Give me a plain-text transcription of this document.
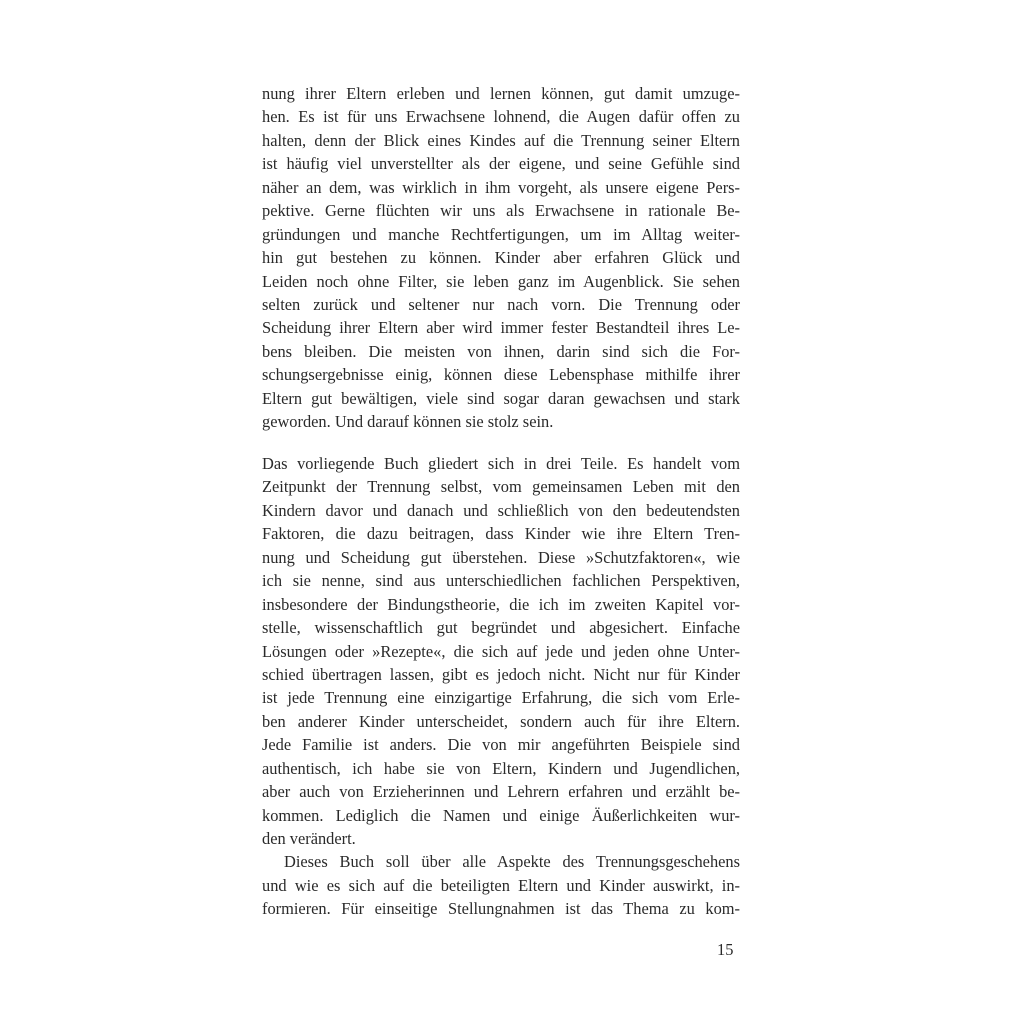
nung ihrer Eltern erleben und lernen können, gut damit umzuge-
hen. Es ist für uns Erwachsene lohnend, die Augen dafür offen zu
halten, denn der Blick eines Kindes auf die Trennung seiner Eltern
ist häufig viel unverstellter als der eigene, und seine Gefühle sind
näher an dem, was wirklich in ihm vorgeht, als unsere eigene Pers-
pektive. Gerne flüchten wir uns als Erwachsene in rationale Be-
gründungen und manche Rechtfertigungen, um im Alltag weiter-
hin gut bestehen zu können. Kinder aber erfahren Glück und
Leiden noch ohne Filter, sie leben ganz im Augenblick. Sie sehen
selten zurück und seltener nur nach vorn. Die Trennung oder
Scheidung ihrer Eltern aber wird immer fester Bestandteil ihres Le-
bens bleiben. Die meisten von ihnen, darin sind sich die For-
schungsergebnisse einig, können diese Lebensphase mithilfe ihrer
Eltern gut bewältigen, viele sind sogar daran gewachsen und stark
geworden. Und darauf können sie stolz sein.
Das vorliegende Buch gliedert sich in drei Teile. Es handelt vom
Zeitpunkt der Trennung selbst, vom gemeinsamen Leben mit den
Kindern davor und danach und schließlich von den bedeutendsten
Faktoren, die dazu beitragen, dass Kinder wie ihre Eltern Tren-
nung und Scheidung gut überstehen. Diese »Schutzfaktoren«, wie
ich sie nenne, sind aus unterschiedlichen fachlichen Perspektiven,
insbesondere der Bindungstheorie, die ich im zweiten Kapitel vor-
stelle, wissenschaftlich gut begründet und abgesichert. Einfache
Lösungen oder »Rezepte«, die sich auf jede und jeden ohne Unter-
schied übertragen lassen, gibt es jedoch nicht. Nicht nur für Kinder
ist jede Trennung eine einzigartige Erfahrung, die sich vom Erle-
ben anderer Kinder unterscheidet, sondern auch für ihre Eltern.
Jede Familie ist anders. Die von mir angeführten Beispiele sind
authentisch, ich habe sie von Eltern, Kindern und Jugendlichen,
aber auch von Erzieherinnen und Lehrern erfahren und erzählt be-
kommen. Lediglich die Namen und einige Äußerlichkeiten wur-
den verändert.
Dieses Buch soll über alle Aspekte des Trennungsgeschehens
und wie es sich auf die beteiligten Eltern und Kinder auswirkt, in-
formieren. Für einseitige Stellungnahmen ist das Thema zu kom-
15
